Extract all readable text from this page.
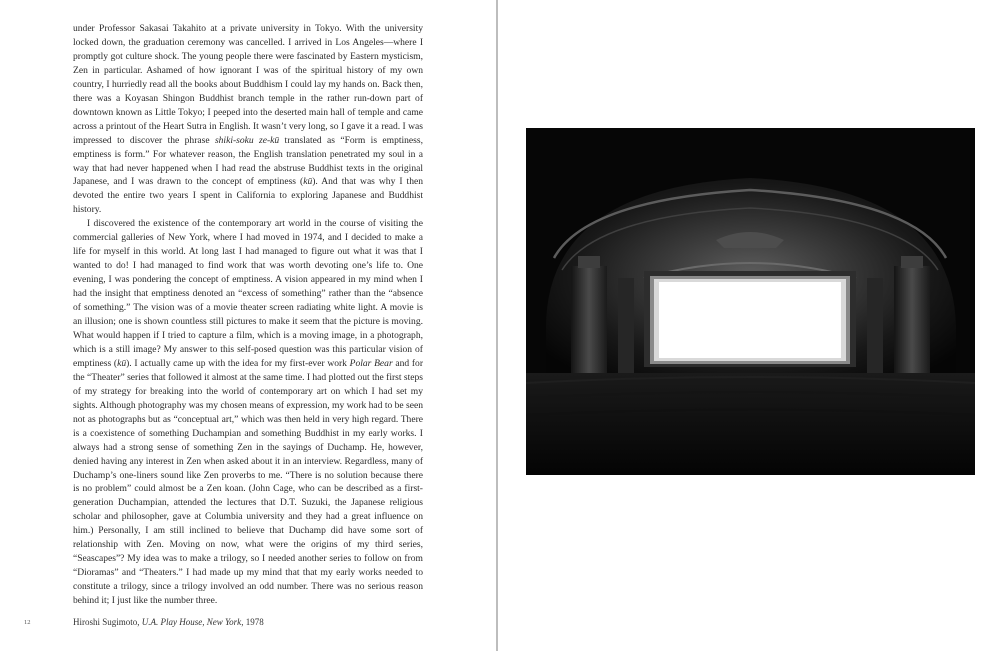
under Professor Sakasai Takahito at a private university in Tokyo. With the university locked down, the graduation ceremony was cancelled. I arrived in Los Angeles—where I promptly got culture shock. The young people there were fascinated by Eastern mysticism, Zen in particular. Ashamed of how ignorant I was of the spiritual history of my own country, I hurriedly read all the books about Buddhism I could lay my hands on. Back then, there was a Koyasan Shingon Buddhist branch temple in the rather run-down part of downtown known as Little Tokyo; I peeped into the deserted main hall of temple and came across a printout of the Heart Sutra in English. It wasn’t very long, so I gave it a read. I was impressed to discover the phrase shiki-soku ze-kū translated as “Form is emptiness, emptiness is form.” For whatever reason, the English translation penetrated my soul in a way that had never happened when I had read the abstruse Buddhist texts in the original Japanese, and I was drawn to the concept of emptiness (kū). And that was why I then devoted the entire two years I spent in California to exploring Japanese and Buddhist history.

I discovered the existence of the contemporary art world in the course of visiting the commercial galleries of New York, where I had moved in 1974, and I decided to make a life for myself in this world. At long last I had managed to figure out what it was that I wanted to do! I had managed to find work that was worth devoting one’s life to. One evening, I was pondering the concept of emptiness. A vision appeared in my mind when I had the insight that emptiness denoted an “excess of something” rather than the “absence of something.” The vision was of a movie theater screen radiating white light. A movie is an illusion; one is shown countless still pictures to make it seem that the picture is moving. What would happen if I tried to capture a film, which is a moving image, in a photograph, which is a still image? My answer to this self-posed question was this particular vision of emptiness (kū). I actually came up with the idea for my first-ever work Polar Bear and for the “Theater” series that followed it almost at the same time. I had plotted out the first steps of my strategy for breaking into the world of contemporary art on which I had set my sights. Although photography was my chosen means of expression, my work had to be seen not as photographs but as “conceptual art,” which was then held in very high regard. There is a coexistence of something Duchampian and something Buddhist in my early works. I always had a strong sense of something Zen in the sayings of Duchamp. He, however, denied having any interest in Zen when asked about it in an interview. Regardless, many of Duchamp’s one-liners sound like Zen proverbs to me. “There is no solution because there is no problem” could almost be a Zen koan. (John Cage, who can be described as a first-generation Duchampian, attended the lectures that D.T. Suzuki, the Japanese religious scholar and philosopher, gave at Columbia university and they had a great influence on him.) Personally, I am still inclined to believe that Duchamp did have some sort of relationship with Zen. Moving on now, what were the origins of my third series, “Seascapes”? My idea was to make a trilogy, so I needed another series to follow on from “Dioramas” and “Theaters.” I had made up my mind that that my early works needed to constitute a trilogy, since a trilogy involved an odd number. There was no serious reason behind it; I just like the number three.

12	Hiroshi Sugimoto, U.A. Play House, New York, 1978
